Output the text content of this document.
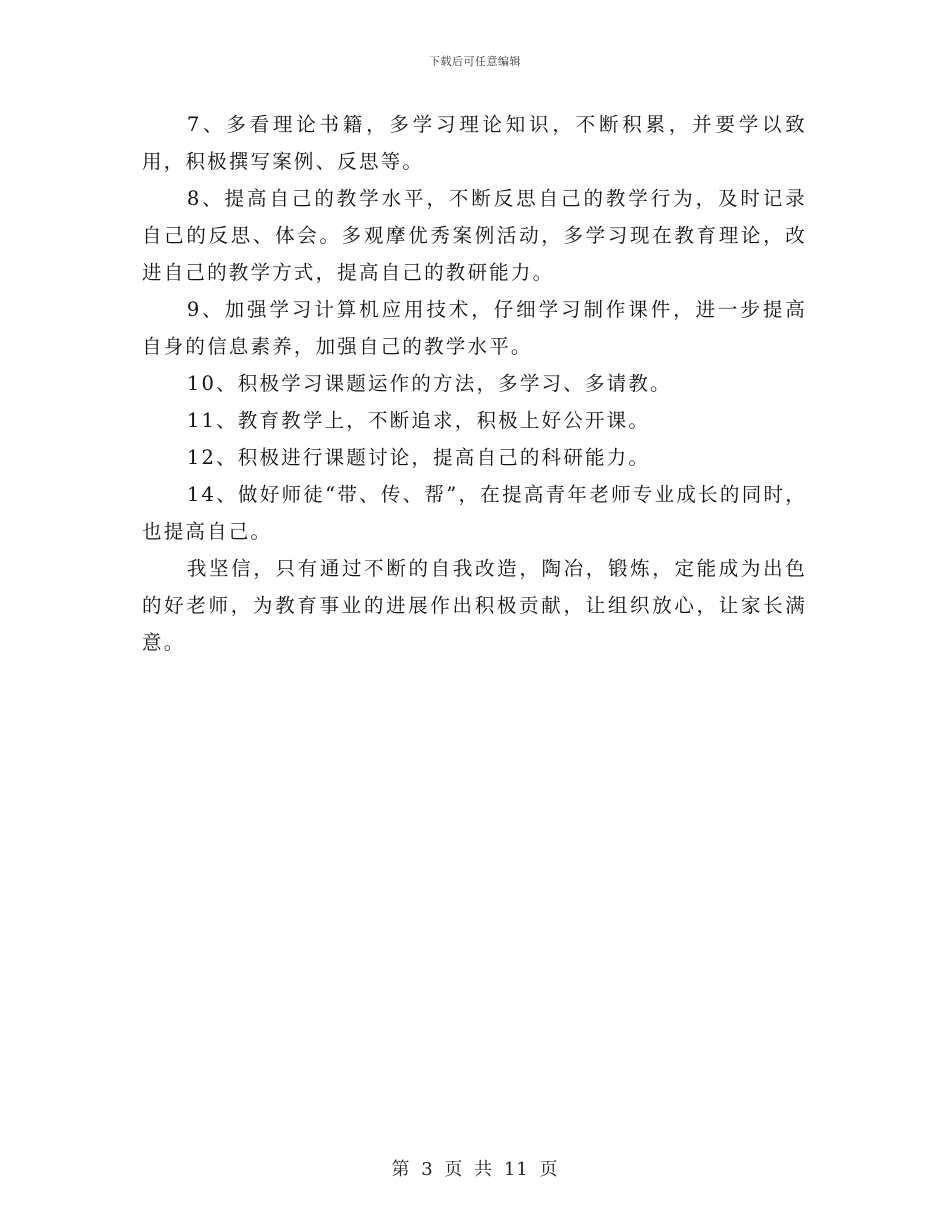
下载后可任意编辑

7、多看理论书籍，多学习理论知识，不断积累，并要学以致用，积极撰写案例、反思等。

8、提高自己的教学水平，不断反思自己的教学行为，及时记录自己的反思、体会。多观摩优秀案例活动，多学习现在教育理论，改进自己的教学方式，提高自己的教研能力。

9、加强学习计算机应用技术，仔细学习制作课件，进一步提高自身的信息素养，加强自己的教学水平。

10、积极学习课题运作的方法，多学习、多请教。

11、教育教学上，不断追求，积极上好公开课。

12、积极进行课题讨论，提高自己的科研能力。

14、做好师徒“带、传、帮”，在提高青年老师专业成长的同时，也提高自己。

我坚信，只有通过不断的自我改造，陶冶，锻炼，定能成为出色的好老师，为教育事业的进展作出积极贡献，让组织放心，让家长满意。

第 3 页 共 11 页
